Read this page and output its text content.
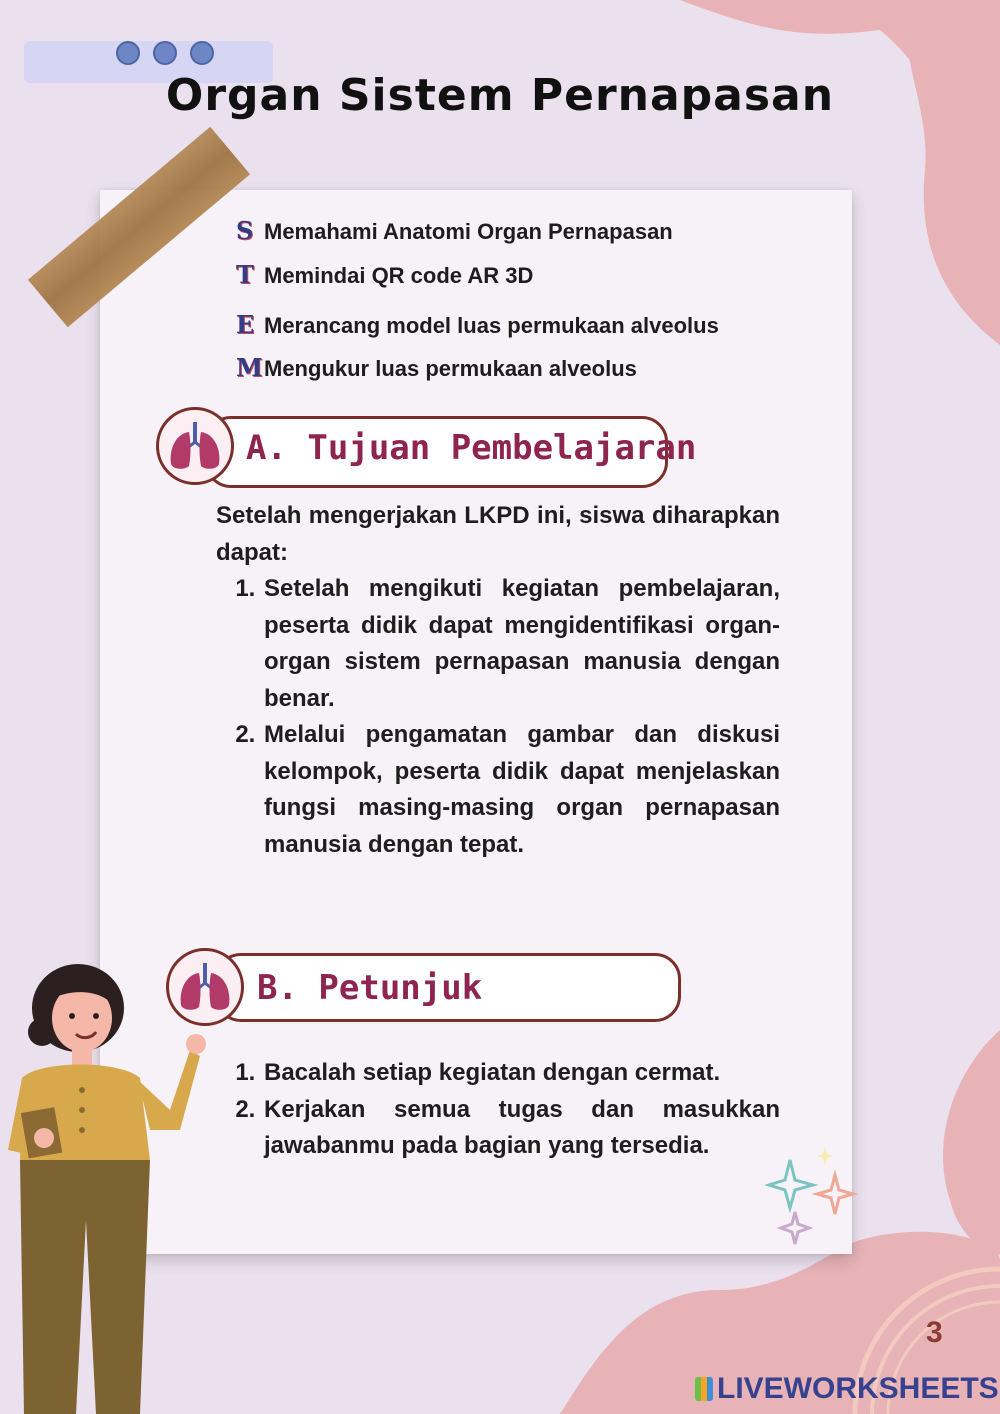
Organ Sistem Pernapasan
S Memahami Anatomi Organ Pernapasan
T Memindai QR code AR 3D
E Merancang model luas permukaan alveolus
MMengukur luas permukaan alveolus
A. Tujuan Pembelajaran
Setelah mengerjakan LKPD ini, siswa diharapkan dapat:
1. Setelah mengikuti kegiatan pembelajaran, peserta didik dapat mengidentifikasi organ-organ sistem pernapasan manusia dengan benar.
2. Melalui pengamatan gambar dan diskusi kelompok, peserta didik dapat menjelaskan fungsi masing-masing organ pernapasan manusia dengan tepat.
B. Petunjuk
1. Bacalah setiap kegiatan dengan cermat.
2. Kerjakan semua tugas dan masukkan jawabanmu pada bagian yang tersedia.
3
LIVEWORKSHEETS
